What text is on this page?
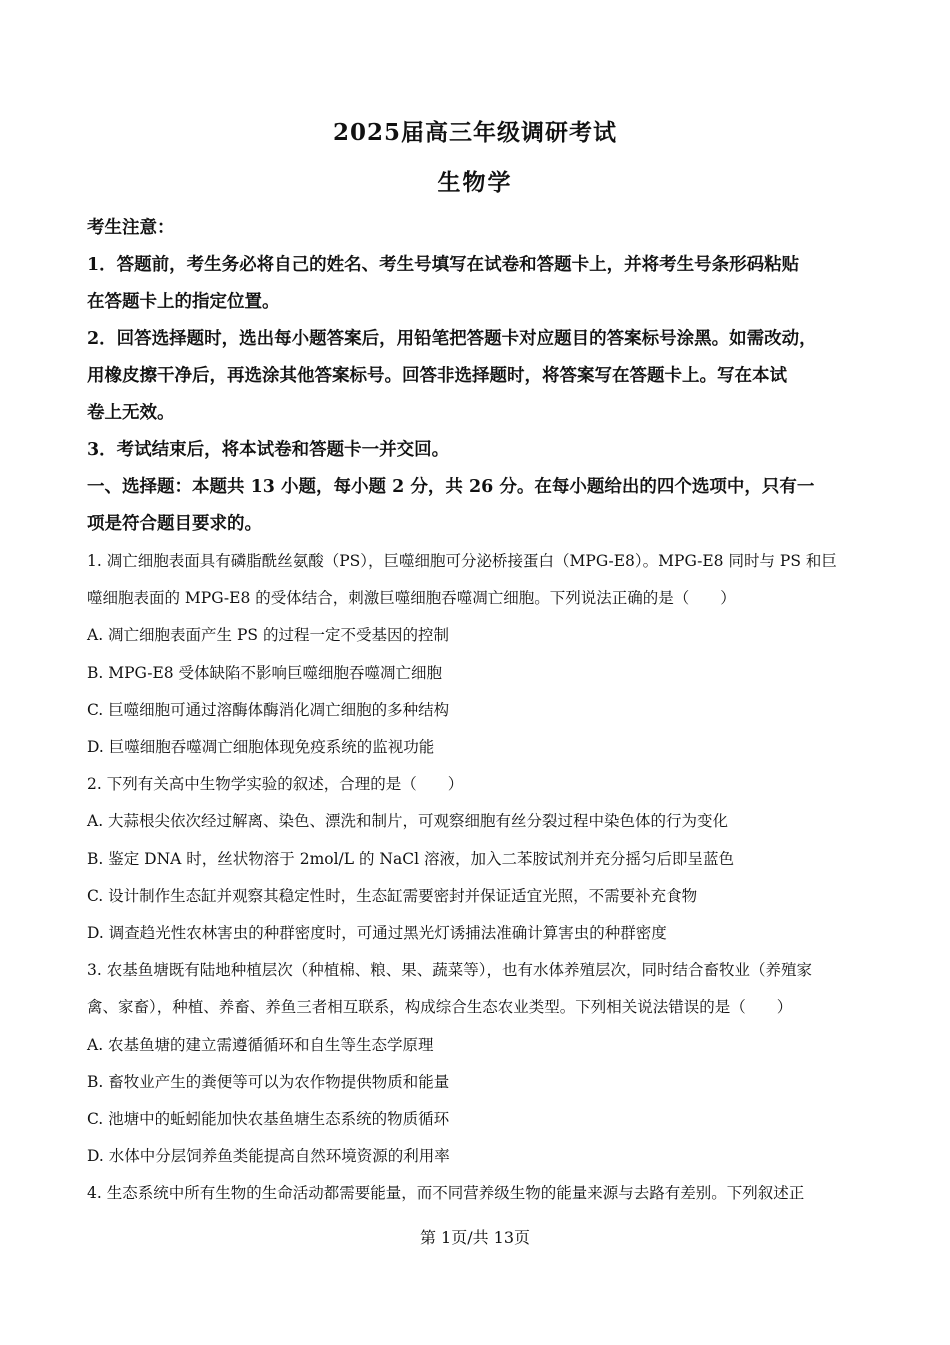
2025届高三年级调研考试
生物学
考生注意：
1．答题前，考生务必将自己的姓名、考生号填写在试卷和答题卡上，并将考生号条形码粘贴
在答题卡上的指定位置。
2．回答选择题时，选出每小题答案后，用铅笔把答题卡对应题目的答案标号涂黑。如需改动，
用橡皮擦干净后，再选涂其他答案标号。回答非选择题时，将答案写在答题卡上。写在本试
卷上无效。
3．考试结束后，将本试卷和答题卡一并交回。
一、选择题：本题共 13 小题，每小题 2 分，共 26 分。在每小题给出的四个选项中，只有一
项是符合题目要求的。
1. 凋亡细胞表面具有磷脂酰丝氨酸（PS），巨噬细胞可分泌桥接蛋白（MPG-E8）。MPG-E8 同时与 PS 和巨
噬细胞表面的 MPG-E8 的受体结合，刺激巨噬细胞吞噬凋亡细胞。下列说法正确的是（　　）
A. 凋亡细胞表面产生 PS 的过程一定不受基因的控制
B. MPG-E8 受体缺陷不影响巨噬细胞吞噬凋亡细胞
C. 巨噬细胞可通过溶酶体酶消化凋亡细胞的多种结构
D. 巨噬细胞吞噬凋亡细胞体现免疫系统的监视功能
2. 下列有关高中生物学实验的叙述，合理的是（　　）
A. 大蒜根尖依次经过解离、染色、漂洗和制片，可观察细胞有丝分裂过程中染色体的行为变化
B. 鉴定 DNA 时，丝状物溶于 2mol/L 的 NaCl 溶液，加入二苯胺试剂并充分摇匀后即呈蓝色
C. 设计制作生态缸并观察其稳定性时，生态缸需要密封并保证适宜光照，不需要补充食物
D. 调查趋光性农林害虫的种群密度时，可通过黑光灯诱捕法准确计算害虫的种群密度
3. 农基鱼塘既有陆地种植层次（种植棉、粮、果、蔬菜等），也有水体养殖层次，同时结合畜牧业（养殖家
禽、家畜），种植、养畜、养鱼三者相互联系，构成综合生态农业类型。下列相关说法错误的是（　　）
A. 农基鱼塘的建立需遵循循环和自生等生态学原理
B. 畜牧业产生的粪便等可以为农作物提供物质和能量
C. 池塘中的蚯蚓能加快农基鱼塘生态系统的物质循环
D. 水体中分层饲养鱼类能提高自然环境资源的利用率
4. 生态系统中所有生物的生命活动都需要能量，而不同营养级生物的能量来源与去路有差别。下列叙述正
第 1页/共 13页
